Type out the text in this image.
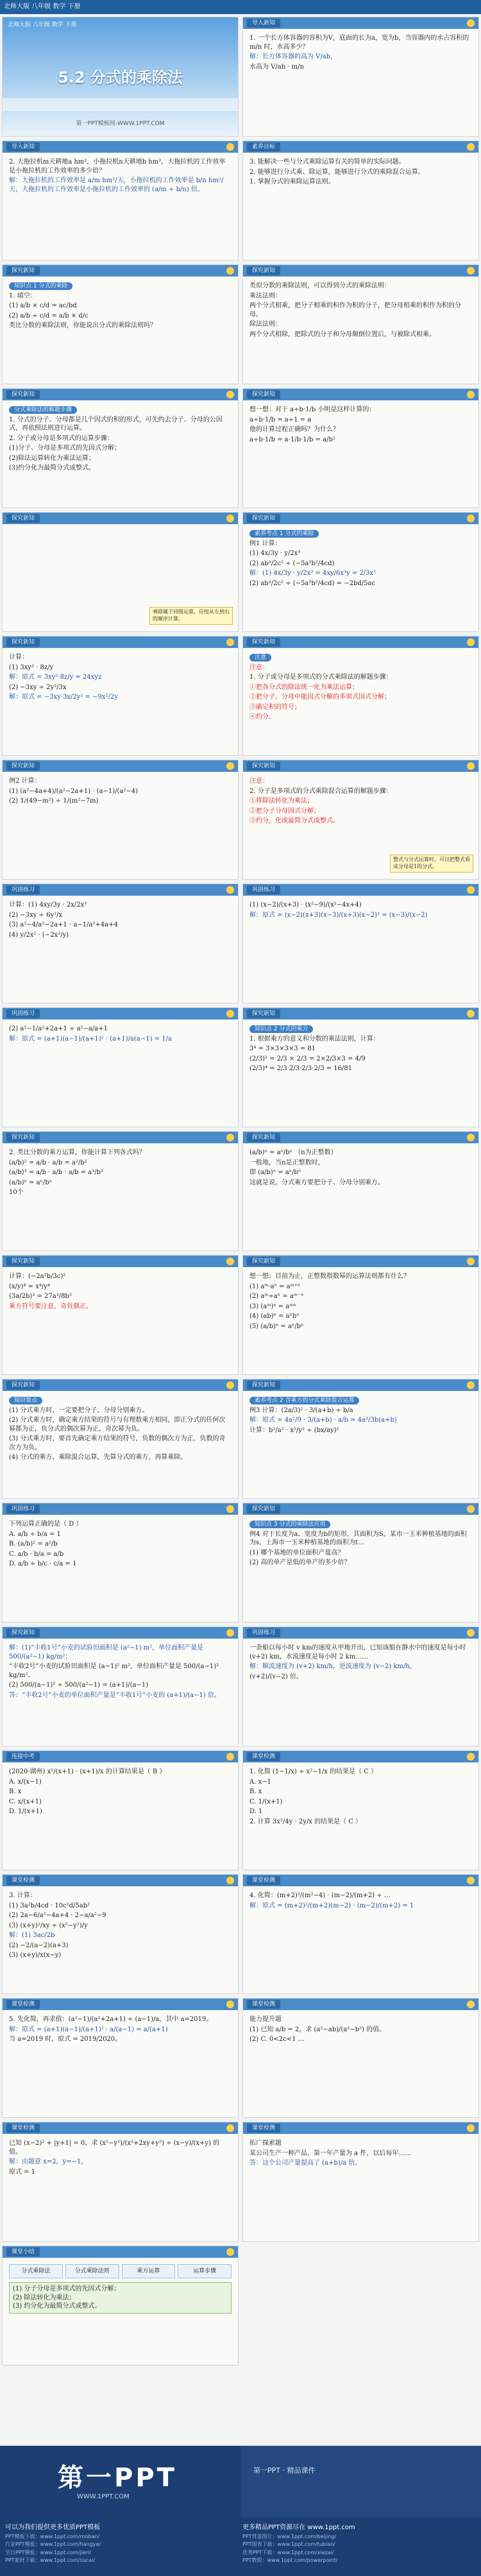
北师大版 八年级 数学 下册
北师大版 八年级 数学 下册
5.2 分式的乘除法
第一PPT模板网-WWW.1PPT.COM
导入新知
1. 一个长方体容器的容积为V，底面的长为a，宽为b，当容器内的水占容积的 m/n 时，水高多少？
解：长方体容器的高为 V/ab，
水高为 V/ab · m/n
导入新知
2. 大拖拉机m天耕地a hm²，小拖拉机n天耕地b hm²，大拖拉机的工作效率是小拖拉机的工作效率的多少倍？
解：大拖拉机的工作效率是 a/m hm²/天，小拖拉机的工作效率是 b/n hm²/天，大拖拉机的工作效率是小拖拉机的工作效率的 (a/m ÷ b/n) 倍。
素养目标
3. 能解决一些与分式乘除运算有关的简单的实际问题。
2. 能够进行分式乘、除运算，能够进行分式的乘除混合运算。
1. 掌握分式的乘除运算法则。
探究新知
知识点 1 分式的乘除
1. 填空：
(1) a/b × c/d = ac/bd
(2) a/b ÷ c/d = a/b × d/c
类比分数的乘除法则，你能说出分式的乘除法则吗？
探究新知
类似分数的乘除法则，可以得到分式的乘除法则：
乘法法则：
两个分式相乘，把分子相乘的积作为积的分子，把分母相乘的积作为积的分母。
除法法则：
两个分式相除，把除式的分子和分母颠倒位置后，与被除式相乘。
探究新知
分式乘除法的解题步骤
1. 分式的分子、分母都是几个因式的积的形式，可先约去分子、分母的公因式，再依照法则进行运算。
2. 分子或分母是多项式的运算步骤：
(1)分子、分母是多项式的先因式分解；
(2)除法运算转化为乘法运算；
(3)约分化为最简分式或整式。
探究新知
想一想：对于 a÷b·1/b 小明是这样计算的：
a÷b·1/b = a÷1 = a
他的计算过程正确吗？为什么？
a÷b·1/b = a·1/b·1/b = a/b²
探究新知
乘除属于同级运算，应按从左到右的顺序计算。
探究新知
素养考点 1 分式的乘除
例1 计算：
(1) 4x/3y · y/2x³
(2) ab³/2c² ÷ (−5a²b²/4cd)
解：(1) 4x/3y · y/2x³ = 4xy/6x³y = 2/3x²
(2) ab³/2c² ÷ (−5a²b²/4cd) = −2bd/5ac
探究新知
计算：
(1) 3xy² · 8z/y
解：原式 = 3xy²·8z/y = 24xyz
(2) −3xy ÷ 2y²/3x
解：原式 = −3xy·3x/2y² = −9x²/2y
探究新知
注意
注意：
1. 分子或分母是多项式的分式乘除法的解题步骤：
①把各分式的除法统一化为乘法运算；
②把分子、分母中能因式分解的多项式因式分解；
③确定积的符号；
④约分。
探究新知
例2 计算：
(1) (a²−4a+4)/(a²−2a+1) · (a−1)/(a²−4)
(2) 1/(49−m²) ÷ 1/(m²−7m)
探究新知
注意：
2. 分子是多项式的分式乘除混合运算的解题步骤：
①将除法转化为乘法；
②把分子分母因式分解；
③约分，化成最简分式或整式。
整式与分式运算时，可以把整式看成分母是1的分式。
巩固练习
计算：(1) 4xy/3y · 2x/2x³
(2) −3xy ÷ 6y²/x
(3) a²−4/a²−2a+1 · a−1/a²+4a+4
(4) y/2x² · (−2x²/y)
巩固练习
(1) (x−2)/(x+3) · (x²−9)/(x²−4x+4)
解：原式 = (x−2)(x+3)(x−3)/(x+3)(x−2)² = (x−3)/(x−2)
巩固练习
(2) a²−1/a²+2a+1 ÷ a²−a/a+1
解：原式 = (a+1)(a−1)/(a+1)² · (a+1)/a(a−1) = 1/a
探究新知
知识点 2 分式的乘方
1. 根据乘方的意义和分数的乘法法则，计算：
3⁴ = 3×3×3×3 = 81
(2/3)² = 2/3 × 2/3 = 2×2/3×3 = 4/9
(2/3)⁴ = 2/3·2/3·2/3·2/3 = 16/81
探究新知
2. 类比分数的乘方运算，你能计算下列各式吗？
(a/b)² = a/b · a/b = a²/b²
(a/b)³ = a/b · a/b · a/b = a³/b³
(a/b)ⁿ = aⁿ/bⁿ
10个
探究新知
(a/b)ⁿ = aⁿ/bⁿ （n为正整数）
一般地，当n是正整数时，
即 (a/b)ⁿ = aⁿ/bⁿ
这就是说，分式乘方要把分子、分母分别乘方。
探究新知
计算：(−2a²b/3c)²
(x/y)⁴ = x⁴/y⁴
(3a/2b)³ = 27a³/8b³
乘方符号要注意，奇负偶正。
探究新知
想一想：目前为止，正整数指数幂的运算法则都有什么？
(1) aᵐ·aⁿ = aᵐ⁺ⁿ
(2) aᵐ÷aⁿ = aᵐ⁻ⁿ
(3) (aᵐ)ⁿ = aᵐⁿ
(4) (ab)ⁿ = aⁿbⁿ
(5) (a/b)ⁿ = aⁿ/bⁿ
探究新知
知识要点
(1) 分式乘方时，一定要把分子、分母分别乘方。
(2) 分式乘方时，确定乘方结果的符号与有理数乘方相同，即正分式的任何次幂都为正，负分式的偶次幂为正，奇次幂为负。
(3) 分式乘方时，要首先确定乘方结果的符号，负数的偶次方为正，负数的奇次方为负。
(4) 分式的乘方、乘除混合运算，先算分式的乘方，再算乘除。
探究新知
素养考点 2 含乘方的分式乘除混合运算
例3 计算：(2a/3)² · 3/(a+b) ÷ b/a
解：原式 = 4a²/9 · 3/(a+b) · a/b = 4a³/3b(a+b)
计算：b²/a² · x²/y² ÷ (bx/ay)²
巩固练习
下列运算正确的是（ D ）
A. a/b ÷ b/a = 1
B. (a/b)² = a²/b
C. a/b · b/a = a/b
D. a/b ÷ b/c · c/a = 1
探究新知
知识点 3 分式的乘除法应用
例4 对于长度为a、宽度为b的矩形，其面积为S。某市一玉米种植基地的面积为s，上海市一玉米种植基地的面积为t…
(1) 哪个基地的单位面积产量高？
(2) 高的单产是低的单产的多少倍？
探究新知
解：(1)“丰收1号”小麦的试验田面积是 (a²−1) m²，单位面积产量是 500/(a²−1) kg/m²；
“丰收2号”小麦的试验田面积是 (a−1)² m²，单位面积产量是 500/(a−1)² kg/m²。
(2) 500/(a−1)² ÷ 500/(a²−1) = (a+1)/(a−1)
答：“丰收2号”小麦的单位面积产量是“丰收1号”小麦的 (a+1)/(a−1) 倍。
巩固练习
一条船以每小时 v km的速度从甲地开出，已知该船在静水中的速度是每小时 (v+2) km，水流速度是每小时 2 km……
解：顺流速度为 (v+2) km/h，逆流速度为 (v−2) km/h，
(v+2)/(v−2) 倍。
连接中考
(2020·湖州) x²/(x+1) · (x+1)/x 的计算结果是（ B ）
A. x/(x−1)
B. x
C. x/(x+1)
D. 1/(x+1)
课堂检测
1. 化简 (1−1/x) ÷ x²−1/x 的结果是（ C ）
A. x−1
B. x
C. 1/(x+1)
D. 1
2. 计算 3x²/4y · 2y/x 的结果是（ C ）
课堂检测
3. 计算：
(1) 3a²b/4cd · 10c²d/5ab²
(2) 2a−6/a²−4a+4 · 2−a/a²−9
(3) (x+y)²/xy ÷ (x²−y²)/y
解：(1) 3ac/2b
(2) −2/(a−2)(a+3)
(3) (x+y)/x(x−y)
课堂检测
4. 化简：(m+2)²/(m²−4) · (m−2)/(m+2) ÷ …
解：原式 = (m+2)²/(m+2)(m−2) · (m−2)/(m+2) = 1
课堂检测
5. 先化简，再求值：(a²−1)/(a²+2a+1) ÷ (a−1)/a，其中 a=2019。
解：原式 = (a+1)(a−1)/(a+1)² · a/(a−1) = a/(a+1)
当 a=2019 时，原式 = 2019/2020。
课堂检测
能力提升题
(1) 已知 a/b = 2，求 (a²−ab)/(a²−b²) 的值。
(2) C. 0<2c<1 …
课堂检测
已知 (x−2)² + |y+1| = 0，求 (x²−y²)/(x²+2xy+y²) ÷ (x−y)/(x+y) 的值。
解：由题意 x=2，y=−1，
原式 = 1
课堂检测
拓广探索题
某公司生产一种产品，第一年产量为 a 件，以后每年……
答：这个公司产量提高了 (a+b)/a 倍。
课堂小结
分式乘除法	分式乘除法则	乘方运算	运算步骤
(1) 分子分母是多项式的先因式分解；
(2) 除法转化为乘法；
(3) 约分化为最简分式或整式。
第一PPT · 精品课件
第一PPT
WWW.1PPT.COM
可以为我们提供更多优质PPT模板	更多精品PPT资源尽在 www.1ppt.com
PPT模板下载：www.1ppt.com/moban/
行业PPT模板：www.1ppt.com/hangye/
节日PPT模板：www.1ppt.com/jieri/
PPT素材下载：www.1ppt.com/sucai/
PPT背景图片：www.1ppt.com/beijing/
PPT图表下载：www.1ppt.com/tubiao/
优秀PPT下载：www.1ppt.com/xiazai/
PPT教程：www.1ppt.com/powerpoint/
